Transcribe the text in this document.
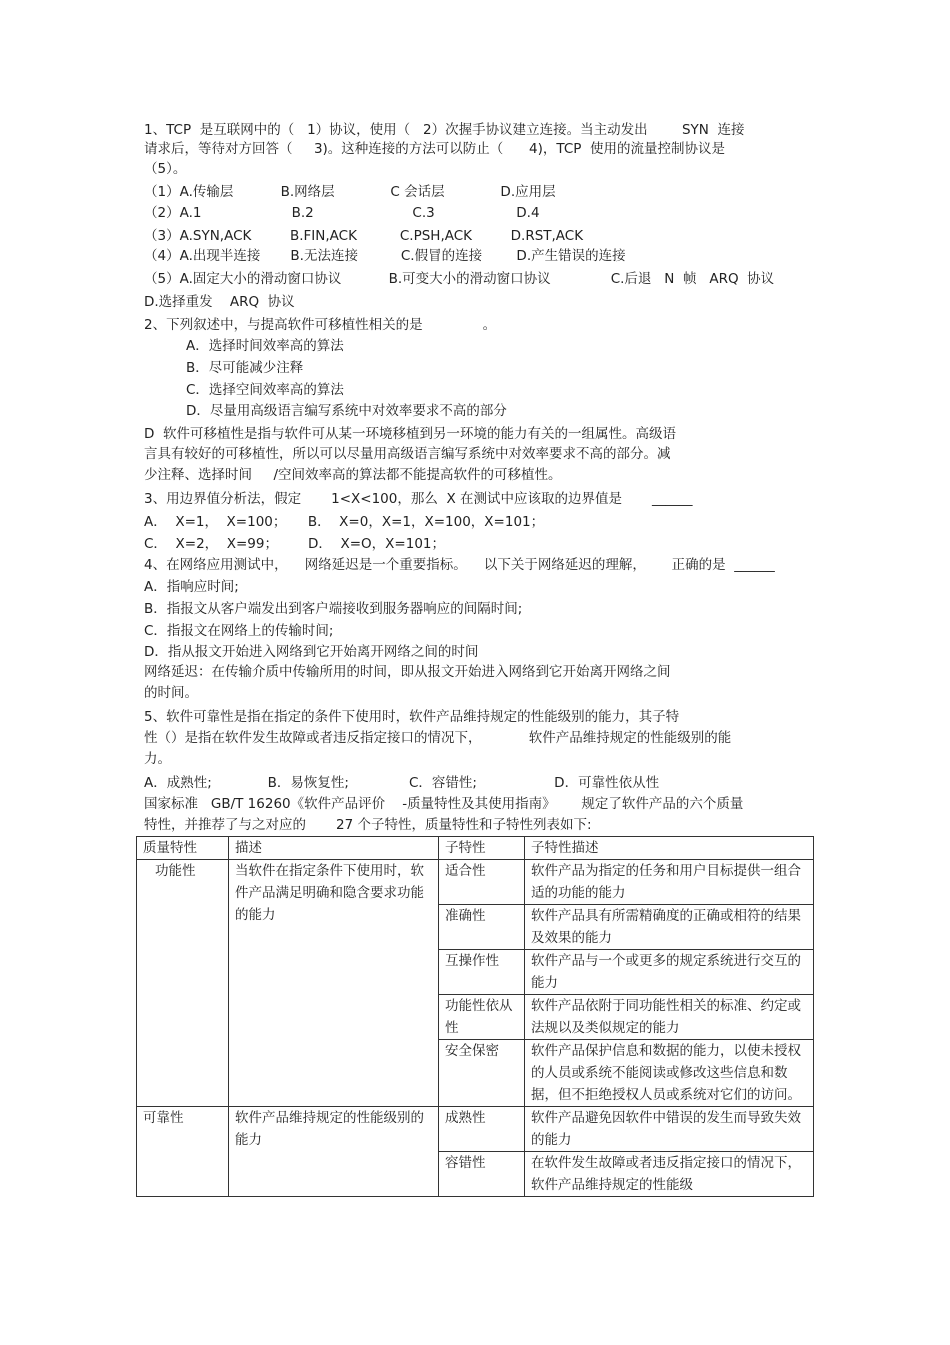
1、TCP  是互联网中的（   1）协议，使用（   2）次握手协议建立连接。当主动发出        SYN  连接
请求后，等待对方回答（     3)。这种连接的方法可以防止（      4)，TCP  使用的流量控制协议是
（5）。
（1）A.传输层           B.网络层             C 会话层             D.应用层
（2）A.1                     B.2                       C.3                   D.4
（3）A.SYN,ACK         B.FIN,ACK          C.PSH,ACK         D.RST,ACK
（4）A.出现半连接       B.无法连接          C.假冒的连接        D.产生错误的连接
（5）A.固定大小的滑动窗口协议           B.可变大小的滑动窗口协议              C.后退   N  帧   ARQ  协议
D.选择重发    ARQ  协议
2、下列叙述中，与提高软件可移植性相关的是              。
A．选择时间效率高的算法
B．尽可能减少注释
C．选择空间效率高的算法
D．尽量用高级语言编写系统中对效率要求不高的部分
D  软件可移植性是指与软件可从某一环境移植到另一环境的能力有关的一组属性。高级语
言具有较好的可移植性，所以可以尽量用高级语言编写系统中对效率要求不高的部分。减
少注释、选择时间     /空间效率高的算法都不能提高软件的可移植性。
3、用边界值分析法，假定       1<X<100，那么  X 在测试中应该取的边界值是       ______
A．  X=1，  X=100；     B．  X=0，X=1，X=100，X=101；
C．  X=2，  X=99；       D．  X=O，X=101；
4、在网络应用测试中，    网络延迟是一个重要指标。    以下关于网络延迟的理解，      正确的是  ______
A．指响应时间;
B．指报文从客户端发出到客户端接收到服务器响应的间隔时间;
C．指报文在网络上的传输时间;
D．指从报文开始进入网络到它开始离开网络之间的时间
网络延迟：在传输介质中传输所用的时间，即从报文开始进入网络到它开始离开网络之间
的时间。
5、软件可靠性是指在指定的条件下使用时，软件产品维持规定的性能级别的能力，其子特
性（）是指在软件发生故障或者违反指定接口的情况下，           软件产品维持规定的性能级别的能
力。
A．成熟性;             B．易恢复性;              C．容错性;                  D．可靠性依从性
国家标准   GB/T 16260《软件产品评价    -质量特性及其使用指南》      规定了软件产品的六个质量
特性，并推荐了与之对应的       27 个子特性，质量特性和子特性列表如下:
质量特性	描述	子特性	子特性描述
功能性	当软件在指定条件下使用时，软件产品满足明确和隐含要求功能的能力	适合性	软件产品为指定的任务和用户目标提供一组合适的功能的能力
		准确性	软件产品具有所需精确度的正确或相符的结果及效果的能力
		互操作性	软件产品与一个或更多的规定系统进行交互的能力
		功能性依从性	软件产品依附于同功能性相关的标准、约定或法规以及类似规定的能力
		安全保密	软件产品保护信息和数据的能力，以使未授权的人员或系统不能阅读或修改这些信息和数据，但不拒绝授权人员或系统对它们的访问。
可靠性	软件产品维持规定的性能级别的能力	成熟性	软件产品避免因软件中错误的发生而导致失效的能力
		容错性	在软件发生故障或者违反指定接口的情况下，软件产品维持规定的性能级
